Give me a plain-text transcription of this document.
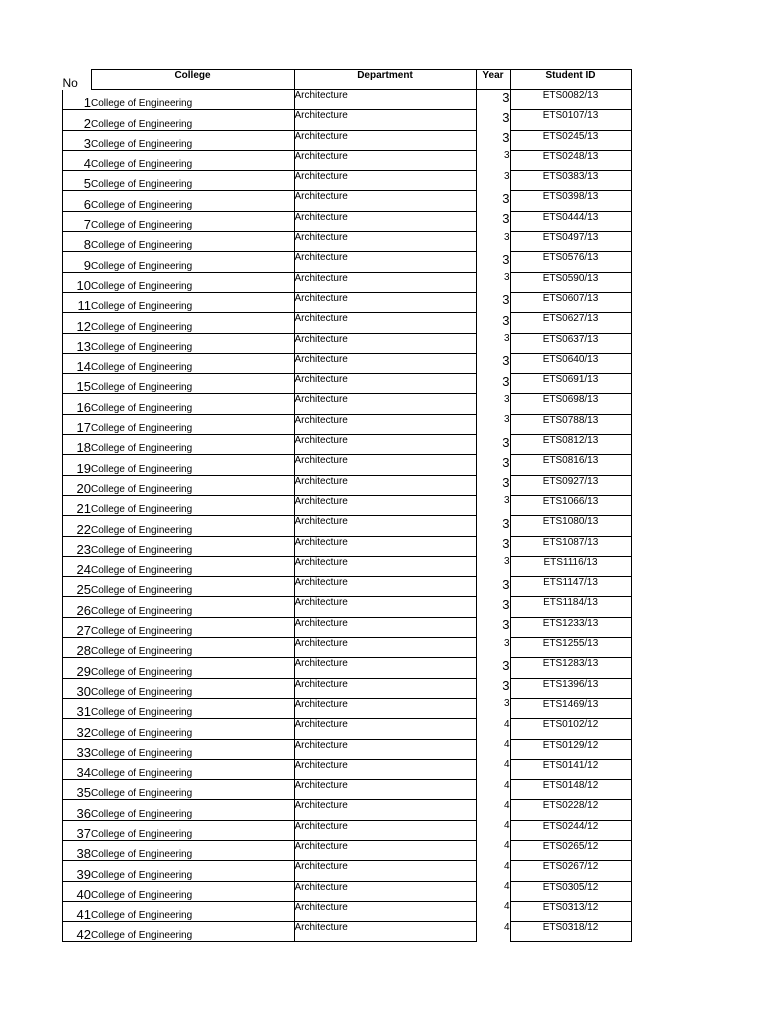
No	College	Department	Year	Student ID
1	College of Engineering	Architecture	3	ETS0082/13
2	College of Engineering	Architecture	3	ETS0107/13
3	College of Engineering	Architecture	3	ETS0245/13
4	College of Engineering	Architecture	3	ETS0248/13
5	College of Engineering	Architecture	3	ETS0383/13
6	College of Engineering	Architecture	3	ETS0398/13
7	College of Engineering	Architecture	3	ETS0444/13
8	College of Engineering	Architecture	3	ETS0497/13
9	College of Engineering	Architecture	3	ETS0576/13
10	College of Engineering	Architecture	3	ETS0590/13
11	College of Engineering	Architecture	3	ETS0607/13
12	College of Engineering	Architecture	3	ETS0627/13
13	College of Engineering	Architecture	3	ETS0637/13
14	College of Engineering	Architecture	3	ETS0640/13
15	College of Engineering	Architecture	3	ETS0691/13
16	College of Engineering	Architecture	3	ETS0698/13
17	College of Engineering	Architecture	3	ETS0788/13
18	College of Engineering	Architecture	3	ETS0812/13
19	College of Engineering	Architecture	3	ETS0816/13
20	College of Engineering	Architecture	3	ETS0927/13
21	College of Engineering	Architecture	3	ETS1066/13
22	College of Engineering	Architecture	3	ETS1080/13
23	College of Engineering	Architecture	3	ETS1087/13
24	College of Engineering	Architecture	3	ETS1116/13
25	College of Engineering	Architecture	3	ETS1147/13
26	College of Engineering	Architecture	3	ETS1184/13
27	College of Engineering	Architecture	3	ETS1233/13
28	College of Engineering	Architecture	3	ETS1255/13
29	College of Engineering	Architecture	3	ETS1283/13
30	College of Engineering	Architecture	3	ETS1396/13
31	College of Engineering	Architecture	3	ETS1469/13
32	College of Engineering	Architecture	4	ETS0102/12
33	College of Engineering	Architecture	4	ETS0129/12
34	College of Engineering	Architecture	4	ETS0141/12
35	College of Engineering	Architecture	4	ETS0148/12
36	College of Engineering	Architecture	4	ETS0228/12
37	College of Engineering	Architecture	4	ETS0244/12
38	College of Engineering	Architecture	4	ETS0265/12
39	College of Engineering	Architecture	4	ETS0267/12
40	College of Engineering	Architecture	4	ETS0305/12
41	College of Engineering	Architecture	4	ETS0313/12
42	College of Engineering	Architecture	4	ETS0318/12
